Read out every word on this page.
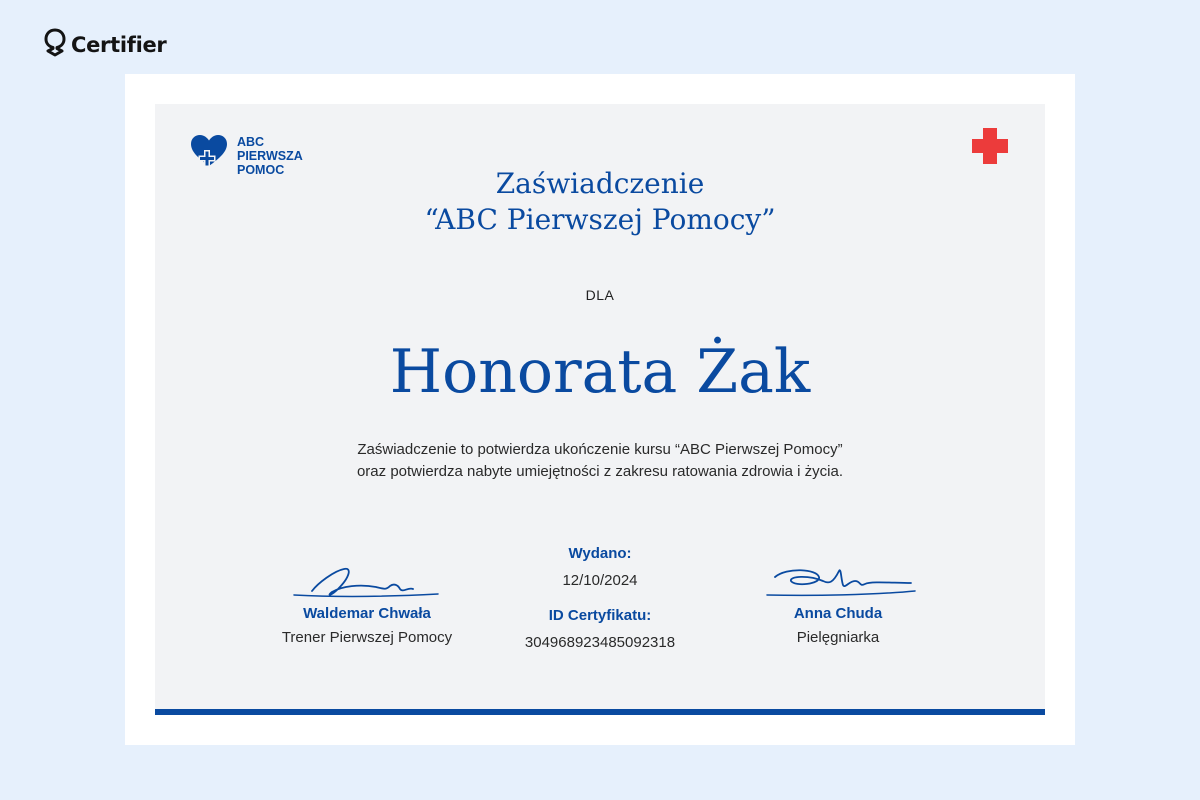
Certifier
ABC
PIERWSZA
POMOC	Zaświadczenie
“ABC Pierwszej Pomocy”
DLA
Honorata Żak
Zaświadczenie to potwierdza ukończenie kursu “ABC Pierwszej Pomocy”
oraz potwierdza nabyte umiejętności z zakresu ratowania zdrowia i życia.
Waldemar Chwała
Trener Pierwszej Pomocy
Wydano:
12/10/2024
ID Certyfikatu:
304968923485092318
Anna Chuda
Pielęgniarka
